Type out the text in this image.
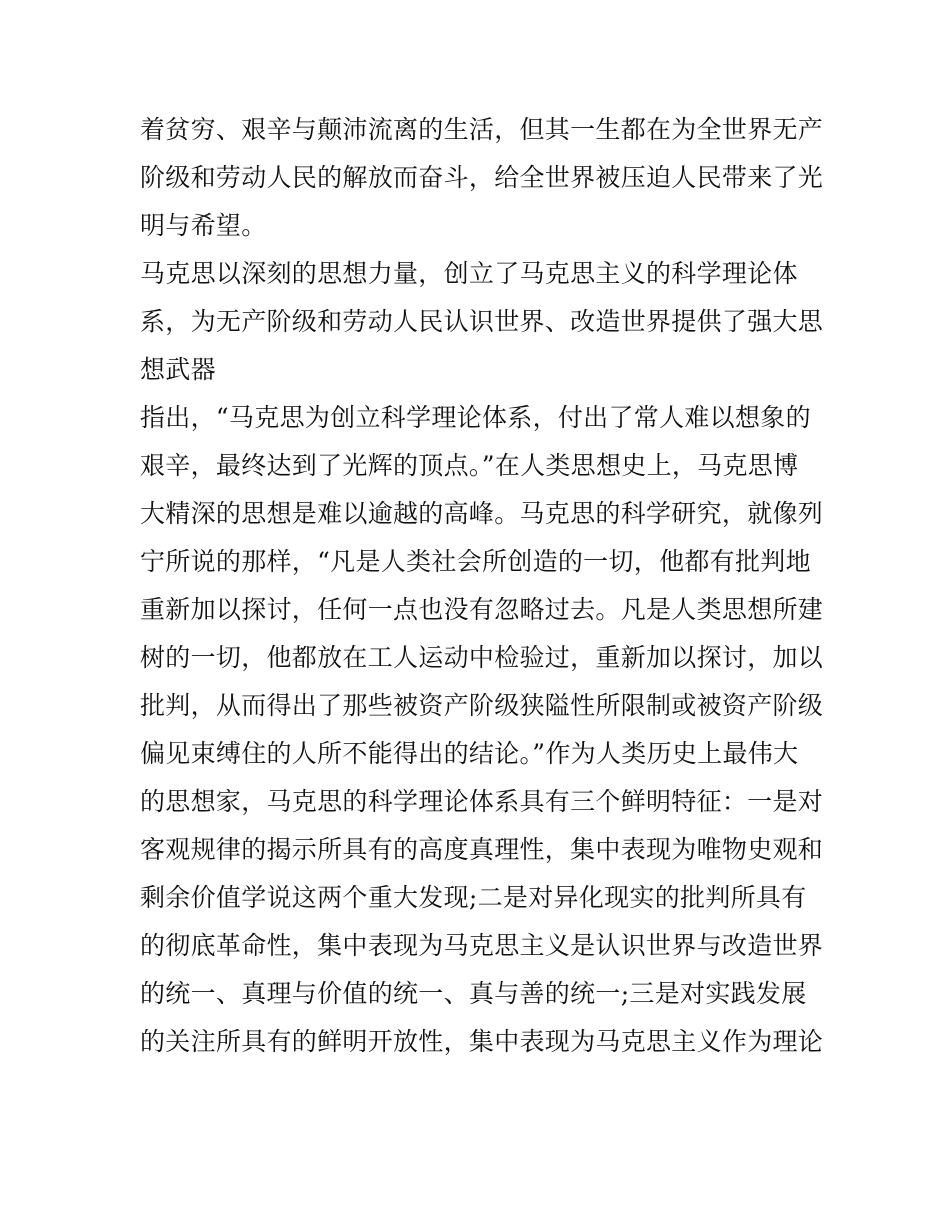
着贫穷、艰辛与颠沛流离的生活，但其一生都在为全世界无产
阶级和劳动人民的解放而奋斗，给全世界被压迫人民带来了光
明与希望。
马克思以深刻的思想力量，创立了马克思主义的科学理论体
系，为无产阶级和劳动人民认识世界、改造世界提供了强大思
想武器
指出，“马克思为创立科学理论体系，付出了常人难以想象的
艰辛，最终达到了光辉的顶点。”在人类思想史上，马克思博
大精深的思想是难以逾越的高峰。马克思的科学研究，就像列
宁所说的那样，“凡是人类社会所创造的一切，他都有批判地
重新加以探讨，任何一点也没有忽略过去。凡是人类思想所建
树的一切，他都放在工人运动中检验过，重新加以探讨，加以
批判，从而得出了那些被资产阶级狭隘性所限制或被资产阶级
偏见束缚住的人所不能得出的结论。”作为人类历史上最伟大
的思想家，马克思的科学理论体系具有三个鲜明特征：一是对
客观规律的揭示所具有的高度真理性，集中表现为唯物史观和
剩余价值学说这两个重大发现;二是对异化现实的批判所具有
的彻底革命性，集中表现为马克思主义是认识世界与改造世界
的统一、真理与价值的统一、真与善的统一;三是对实践发展
的关注所具有的鲜明开放性，集中表现为马克思主义作为理论
